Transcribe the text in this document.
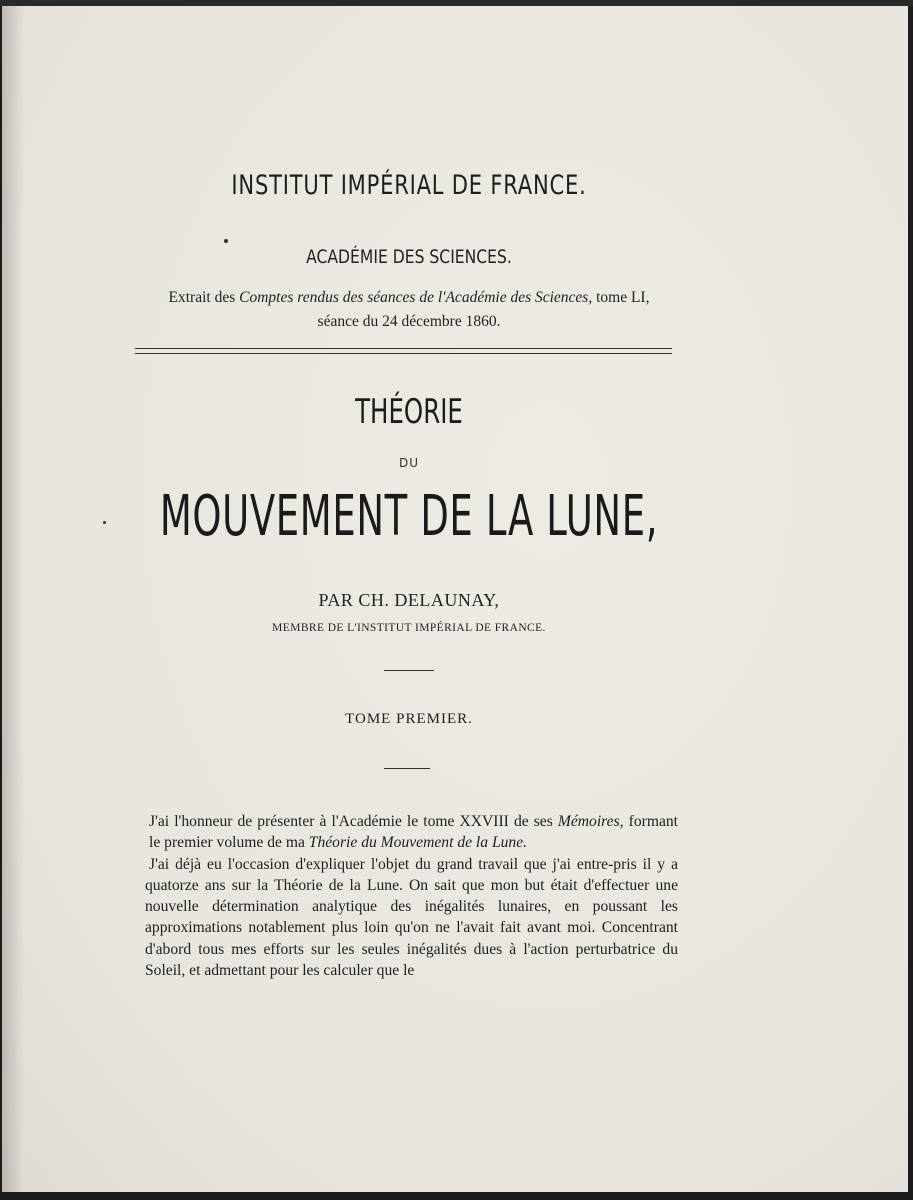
INSTITUT IMPÉRIAL DE FRANCE.
ACADÉMIE DES SCIENCES.
Extrait des Comptes rendus des séances de l'Académie des Sciences, tome LI,
séance du 24 décembre 1860.
THÉORIE
DU
MOUVEMENT DE LA LUNE,
PAR CH. DELAUNAY,
MEMBRE DE L'INSTITUT IMPÉRIAL DE FRANCE.
TOME PREMIER.

J'ai l'honneur de présenter à l'Académie le tome XXVIII de ses Mémoires, formant le premier volume de ma Théorie du Mouvement de la Lune.

J'ai déjà eu l'occasion d'expliquer l'objet du grand travail que j'ai entre-pris il y a quatorze ans sur la Théorie de la Lune. On sait que mon but était d'effectuer une nouvelle détermination analytique des inégalités lunaires, en poussant les approximations notablement plus loin qu'on ne l'avait fait avant moi. Concentrant d'abord tous mes efforts sur les seules inégalités dues à l'action perturbatrice du Soleil, et admettant pour les calculer que le
